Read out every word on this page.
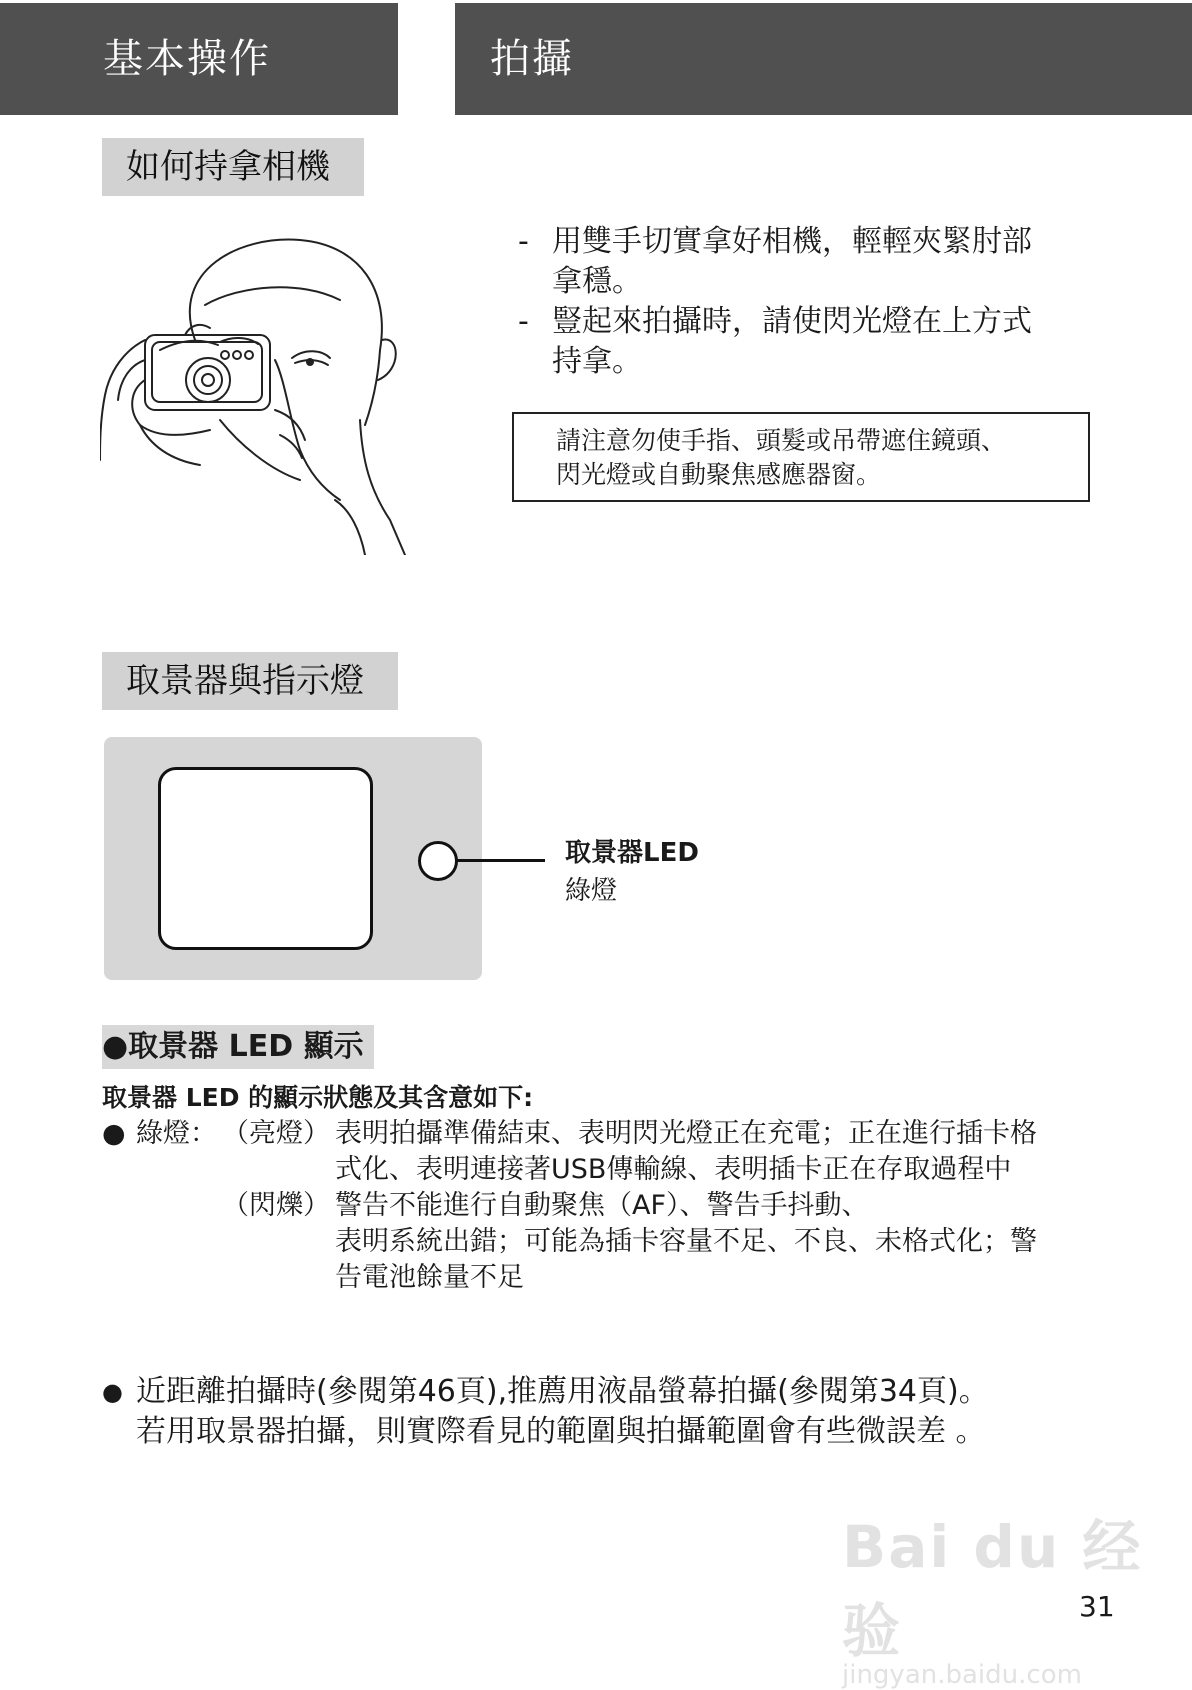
基本操作	拍攝
如何持拿相機
- 用雙手切實拿好相機，輕輕夾緊肘部
拿穩。
- 豎起來拍攝時，請使閃光燈在上方式
持拿。
請注意勿使手指、頭髮或吊帶遮住鏡頭、
閃光燈或自動聚焦感應器窗。
取景器與指示燈
取景器LED
綠燈
●取景器 LED 顯示
取景器 LED 的顯示狀態及其含意如下:
● 綠燈： （亮燈） 表明拍攝準備結束、表明閃光燈正在充電；正在進行插卡格
式化、表明連接著USB傳輸線、表明插卡正在存取過程中
（閃爍） 警告不能進行自動聚焦（AF）、警告手抖動、
表明系統出錯；可能為插卡容量不足、不良、未格式化；警
告電池餘量不足
● 近距離拍攝時(參閱第46頁),推薦用液晶螢幕拍攝(參閱第34頁)。
若用取景器拍攝，則實際看見的範圍與拍攝範圍會有些微誤差 。
Bai du 经验
jingyan.baidu.com
31
